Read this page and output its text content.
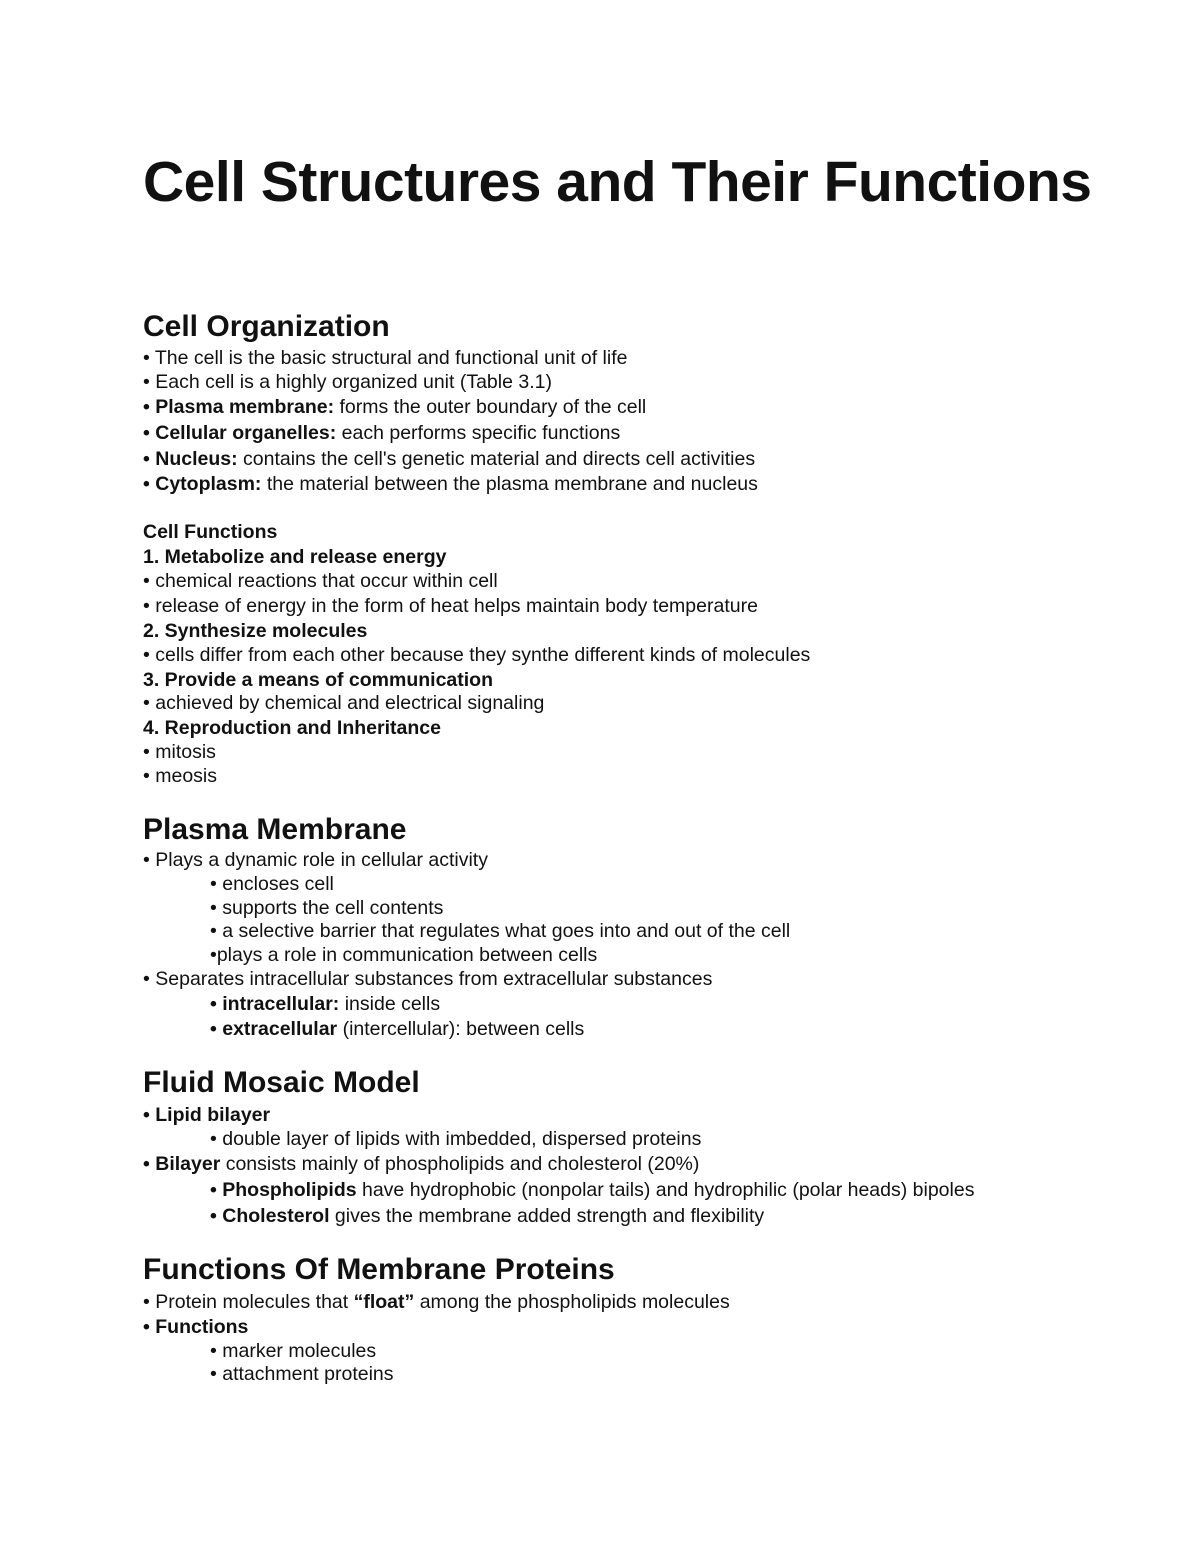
Cell Structures and Their Functions
Cell Organization

• The cell is the basic structural and functional unit of life

• Each cell is a highly organized unit (Table 3.1)

• Plasma membrane: forms the outer boundary of the cell

• Cellular organelles: each performs specific functions

• Nucleus: contains the cell's genetic material and directs cell activities

• Cytoplasm: the material between the plasma membrane and nucleus

Cell Functions

1. Metabolize and release energy

• chemical reactions that occur within cell

• release of energy in the form of heat helps maintain body temperature

2. Synthesize molecules

• cells differ from each other because they synthe different kinds of molecules

3. Provide a means of communication

• achieved by chemical and electrical signaling

4. Reproduction and Inheritance

• mitosis

• meosis

Plasma Membrane

• Plays a dynamic role in cellular activity

• encloses cell

• supports the cell contents

• a selective barrier that regulates what goes into and out of the cell

•plays a role in communication between cells

• Separates intracellular substances from extracellular substances

• intracellular: inside cells

• extracellular (intercellular): between cells

Fluid Mosaic Model

• Lipid bilayer

• double layer of lipids with imbedded, dispersed proteins

• Bilayer consists mainly of phospholipids and cholesterol (20%)

• Phospholipids have hydrophobic (nonpolar tails) and hydrophilic (polar heads) bipoles

• Cholesterol gives the membrane added strength and flexibility

Functions Of Membrane Proteins

• Protein molecules that “float” among the phospholipids molecules

• Functions

• marker molecules

• attachment proteins
